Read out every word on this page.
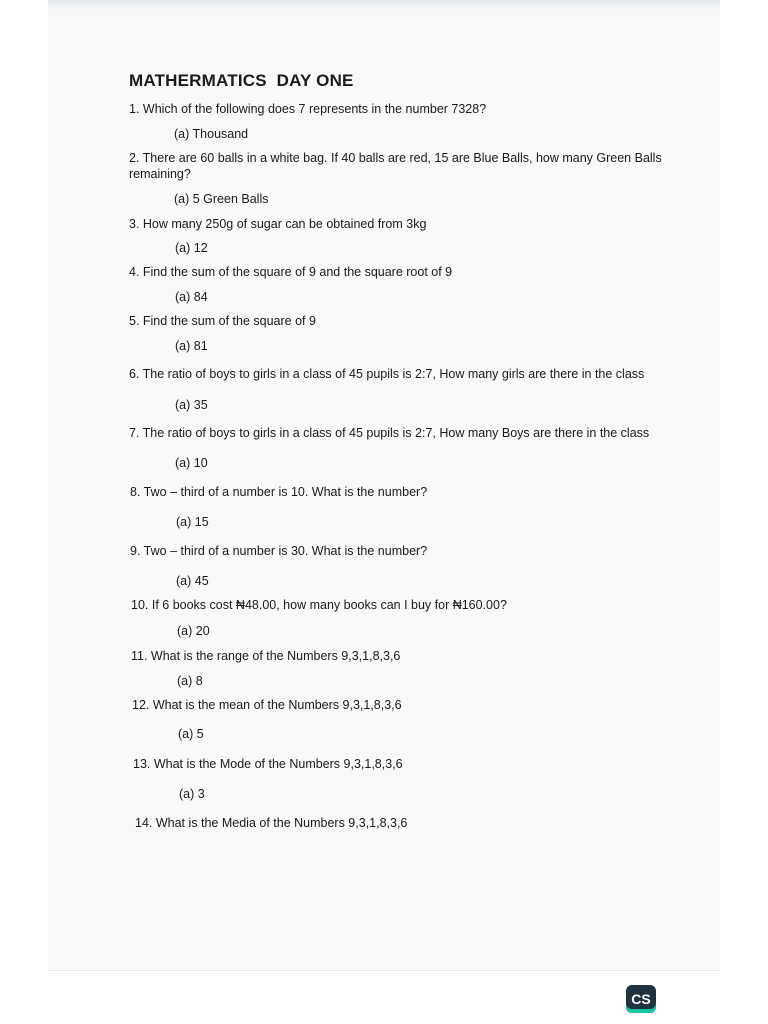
MATHERMATICS  DAY ONE
1. Which of the following does 7 represents in the number 7328?
(a) Thousand
2. There are 60 balls in a white bag. If 40 balls are red, 15 are Blue Balls, how many Green Balls remaining?
(a) 5 Green Balls
3. How many 250g of sugar can be obtained from 3kg
(a) 12
4. Find the sum of the square of 9 and the square root of 9
(a) 84
5. Find the sum of the square of 9
(a) 81
6. The ratio of boys to girls in a class of 45 pupils is 2:7, How many girls are there in the class
(a) 35
7. The ratio of boys to girls in a class of 45 pupils is 2:7, How many Boys are there in the class
(a) 10
8. Two – third of a number is 10. What is the number?
(a) 15
9. Two – third of a number is 30. What is the number?
(a) 45
10. If 6 books cost ₦48.00, how many books can I buy for ₦160.00?
(a) 20
11. What is the range of the Numbers 9,3,1,8,3,6
(a) 8
12. What is the mean of the Numbers 9,3,1,8,3,6
(a) 5
13. What is the Mode of the Numbers 9,3,1,8,3,6
(a) 3
14. What is the Media of the Numbers 9,3,1,8,3,6
CS
